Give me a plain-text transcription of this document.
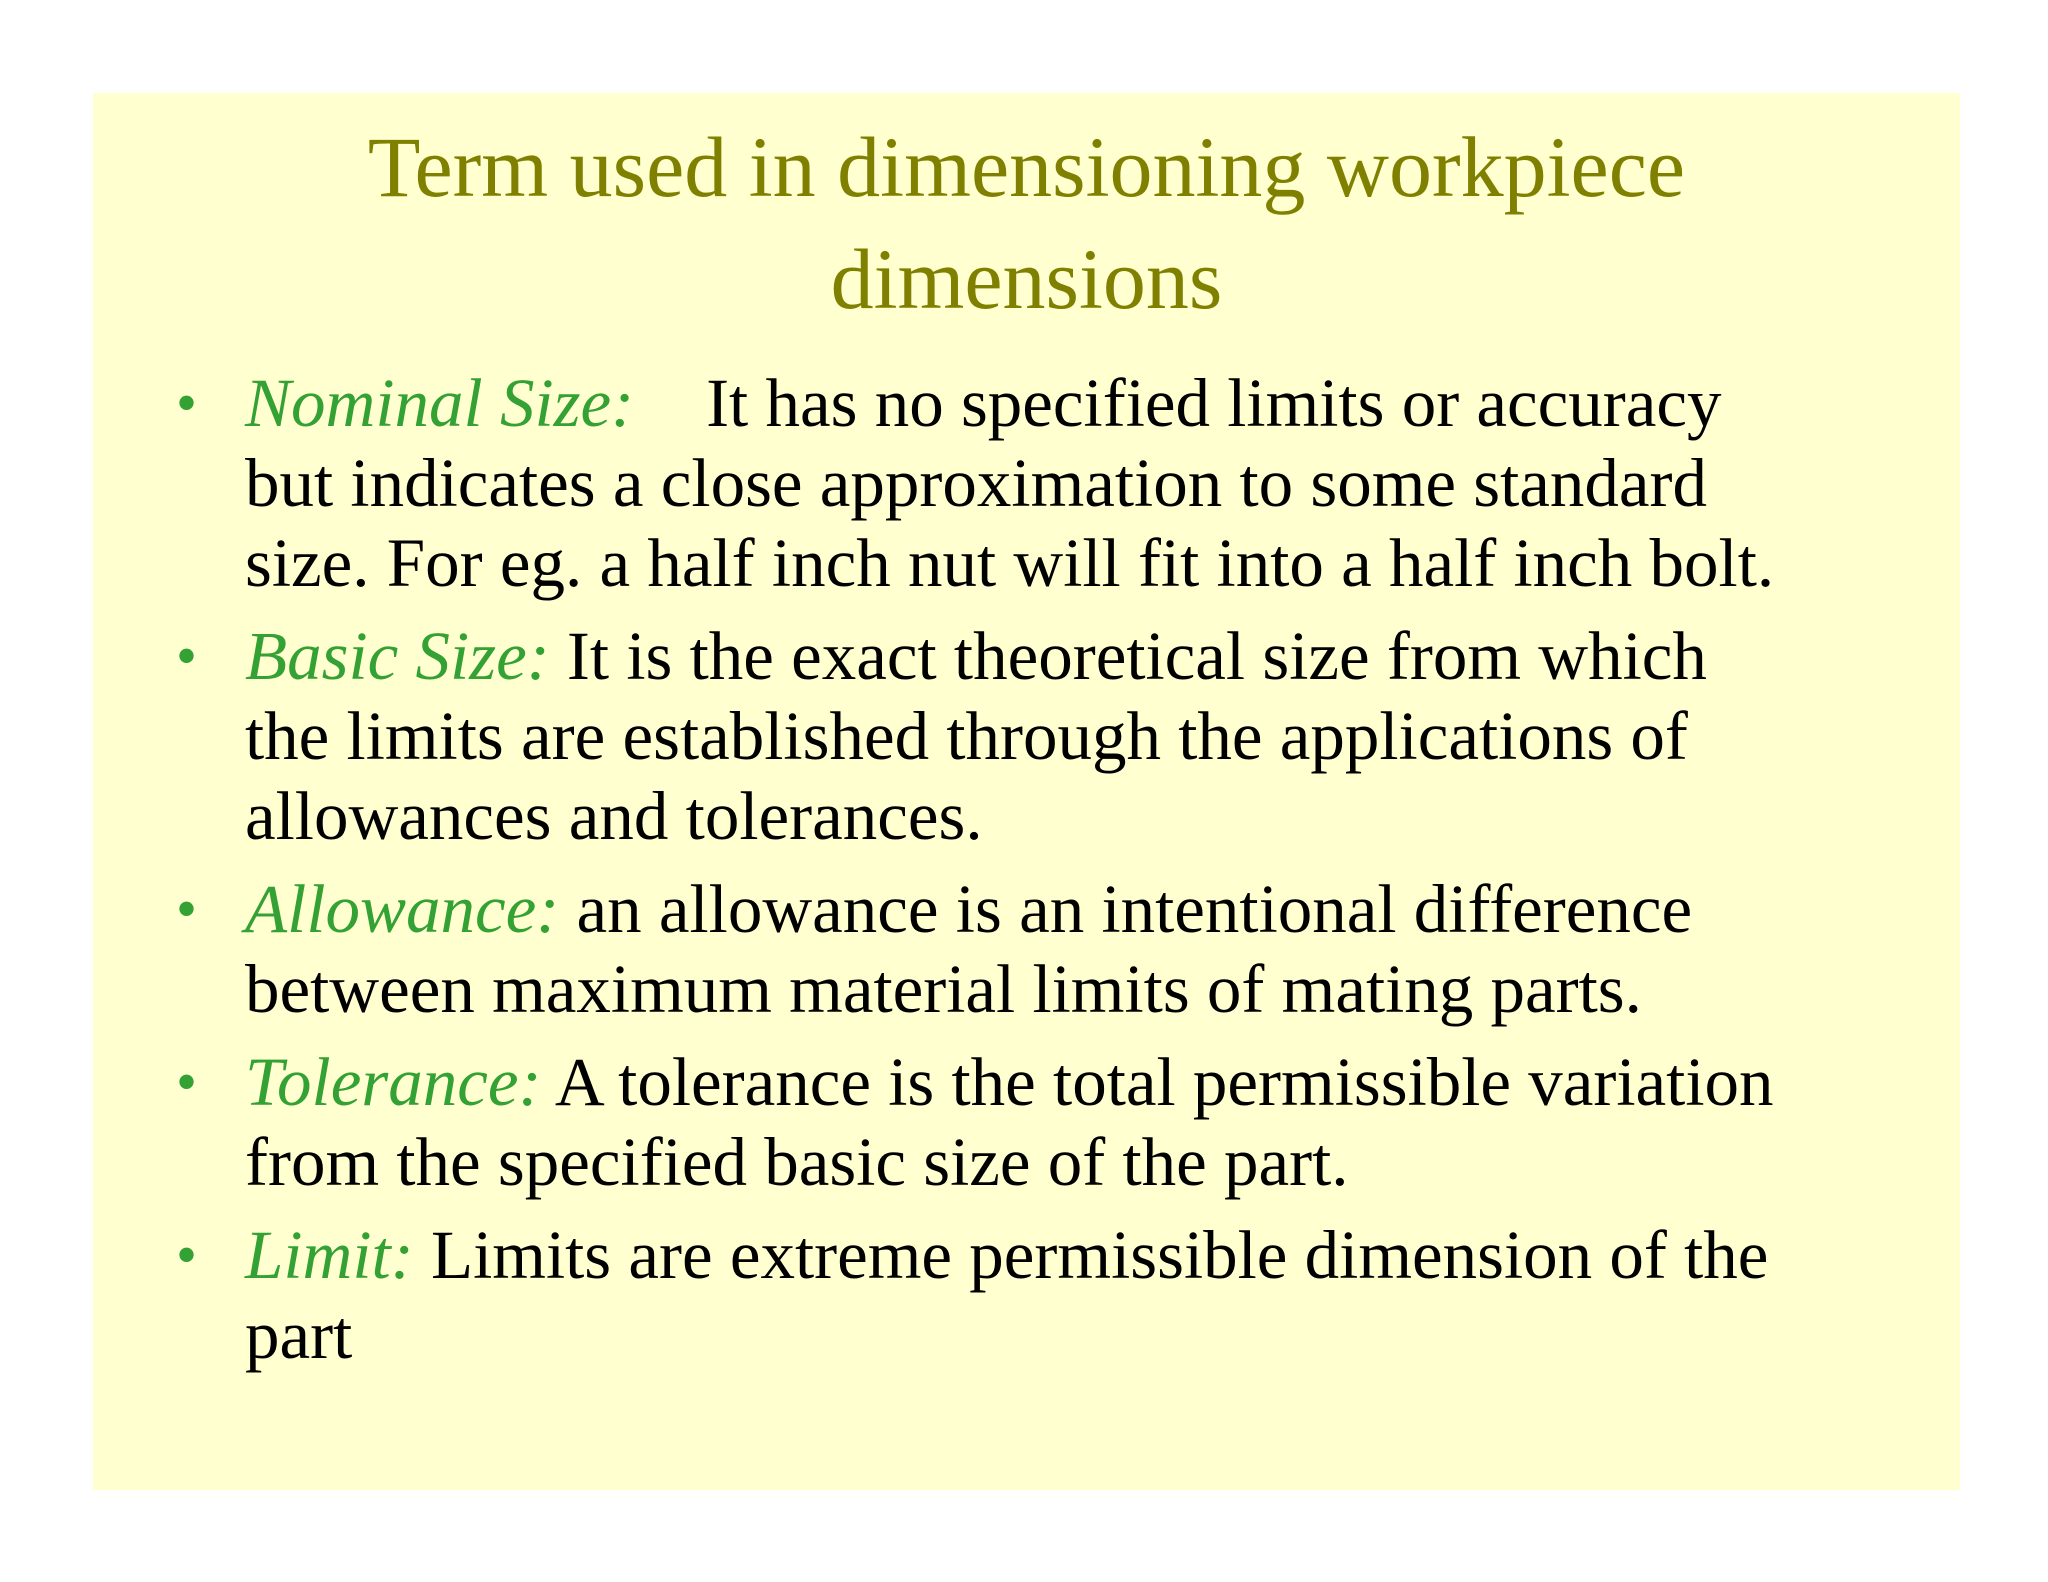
Term used in dimensioning workpiece
dimensions
• Nominal Size: It has no specified limits or accuracy
but indicates a close approximation to some standard
size. For eg. a half inch nut will fit into a half inch bolt.
• Basic Size: It is the exact theoretical size from which
the limits are established through the applications of
allowances and tolerances.
• Allowance: an allowance is an intentional difference
between maximum material limits of mating parts.
• Tolerance: A tolerance is the total permissible variation
from the specified basic size of the part.
• Limit: Limits are extreme permissible dimension of the
part
